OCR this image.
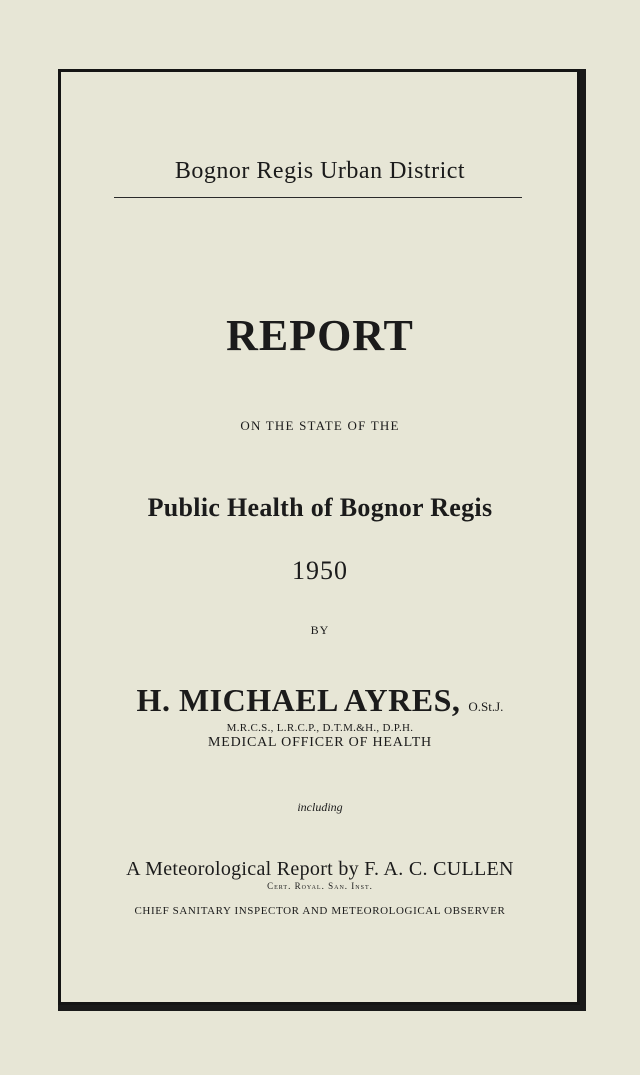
Bognor Regis Urban District
REPORT
ON THE STATE OF THE
Public Health of Bognor Regis
1950
BY
H. MICHAEL AYRES, O.St.J.
M.R.C.S., L.R.C.P., D.T.M.&H., D.P.H.
MEDICAL OFFICER OF HEALTH
including
A Meteorological Report by F. A. C. CULLEN
Cert. Royal. San. Inst.
CHIEF SANITARY INSPECTOR AND METEOROLOGICAL OBSERVER
